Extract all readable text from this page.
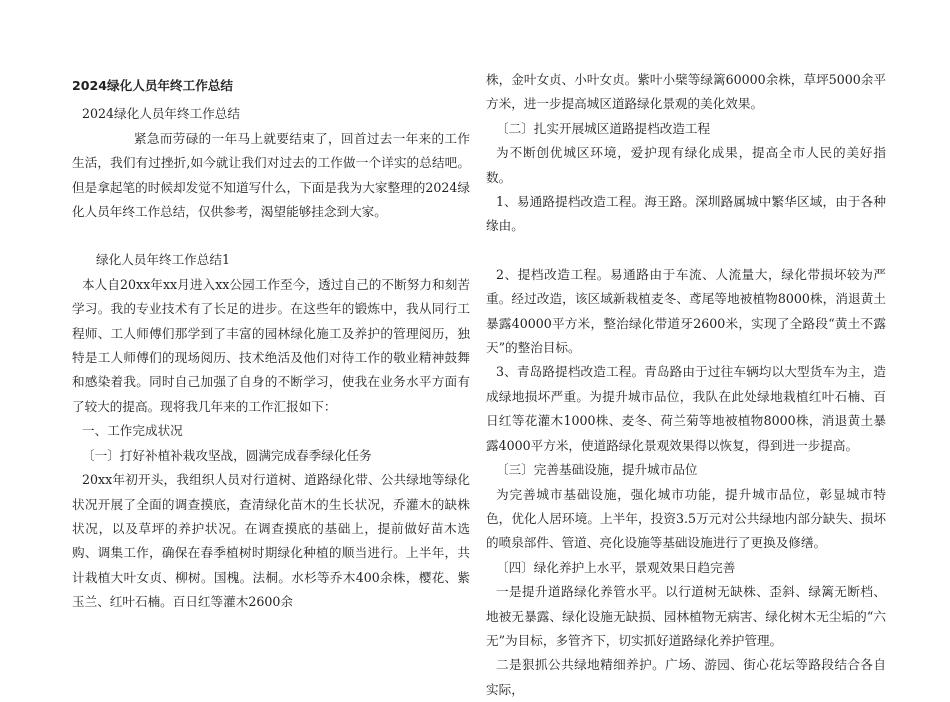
2024绿化人员年终工作总结

2024绿化人员年终工作总结

紧急而劳碌的一年马上就要结束了，回首过去一年来的工作生活，我们有过挫折,如今就让我们对过去的工作做一个详实的总结吧。但是拿起笔的时候却发觉不知道写什么，下面是我为大家整理的2024绿化人员年终工作总结，仅供参考，渴望能够挂念到大家。

绿化人员年终工作总结1

本人自20xx年xx月进入xx公园工作至今，透过自己的不断努力和刻苦学习。我的专业技术有了长足的进步。在这些年的锻炼中，我从同行工程师、工人师傅们那学到了丰富的园林绿化施工及养护的管理阅历，独特是工人师傅们的现场阅历、技术绝活及他们对待工作的敬业精神鼓舞和感染着我。同时自己加强了自身的不断学习，使我在业务水平方面有了较大的提高。现将我几年来的工作汇报如下：

一、工作完成状况

〔一〕打好补植补栽攻坚战，圆满完成春季绿化任务

20xx年初开头，我组织人员对行道树、道路绿化带、公共绿地等绿化状况开展了全面的调查摸底，查清绿化苗木的生长状况，乔灌木的缺株状况，以及草坪的养护状况。在调查摸底的基础上，提前做好苗木选购、调集工作，确保在春季植树时期绿化种植的顺当进行。上半年，共计栽植大叶女贞、柳树。国槐。法桐。水杉等乔木400余株，樱花、紫玉兰、红叶石楠。百日红等灌木2600余

株，金叶女贞、小叶女贞。紫叶小檗等绿篱60000余株，草坪5000余平方米，进一步提高城区道路绿化景观的美化效果。

〔二〕扎实开展城区道路提档改造工程

为不断创优城区环境，爱护现有绿化成果，提高全市人民的美好指数。

1、易通路提档改造工程。海王路。深圳路属城中繁华区域，由于各种缘由。

2、提档改造工程。易通路由于车流、人流量大，绿化带损坏较为严重。经过改造，该区域新栽植麦冬、鸢尾等地被植物8000株，消退黄土暴露40000平方米，整治绿化带道牙2600米，实现了全路段“黄土不露天”的整治目标。

3、青岛路提档改造工程。青岛路由于过往车辆均以大型货车为主，造成绿地损坏严重。为提升城市品位，我队在此处绿地栽植红叶石楠、百日红等花灌木1000株、麦冬、荷兰菊等地被植物8000株，消退黄土暴露4000平方米，使道路绿化景观效果得以恢复，得到进一步提高。

〔三〕完善基础设施，提升城市品位

为完善城市基础设施，强化城市功能，提升城市品位，彰显城市特色，优化人居环境。上半年，投资3.5万元对公共绿地内部分缺失、损坏的喷泉部件、管道、亮化设施等基础设施进行了更换及修缮。

〔四〕绿化养护上水平，景观效果日趋完善

一是提升道路绿化养管水平。以行道树无缺株、歪斜、绿篱无断档、地被无暴露、绿化设施无缺损、园林植物无病害、绿化树木无尘垢的“六无”为目标，多管齐下，切实抓好道路绿化养护管理。

二是狠抓公共绿地精细养护。广场、游园、街心花坛等路段结合各自实际，
